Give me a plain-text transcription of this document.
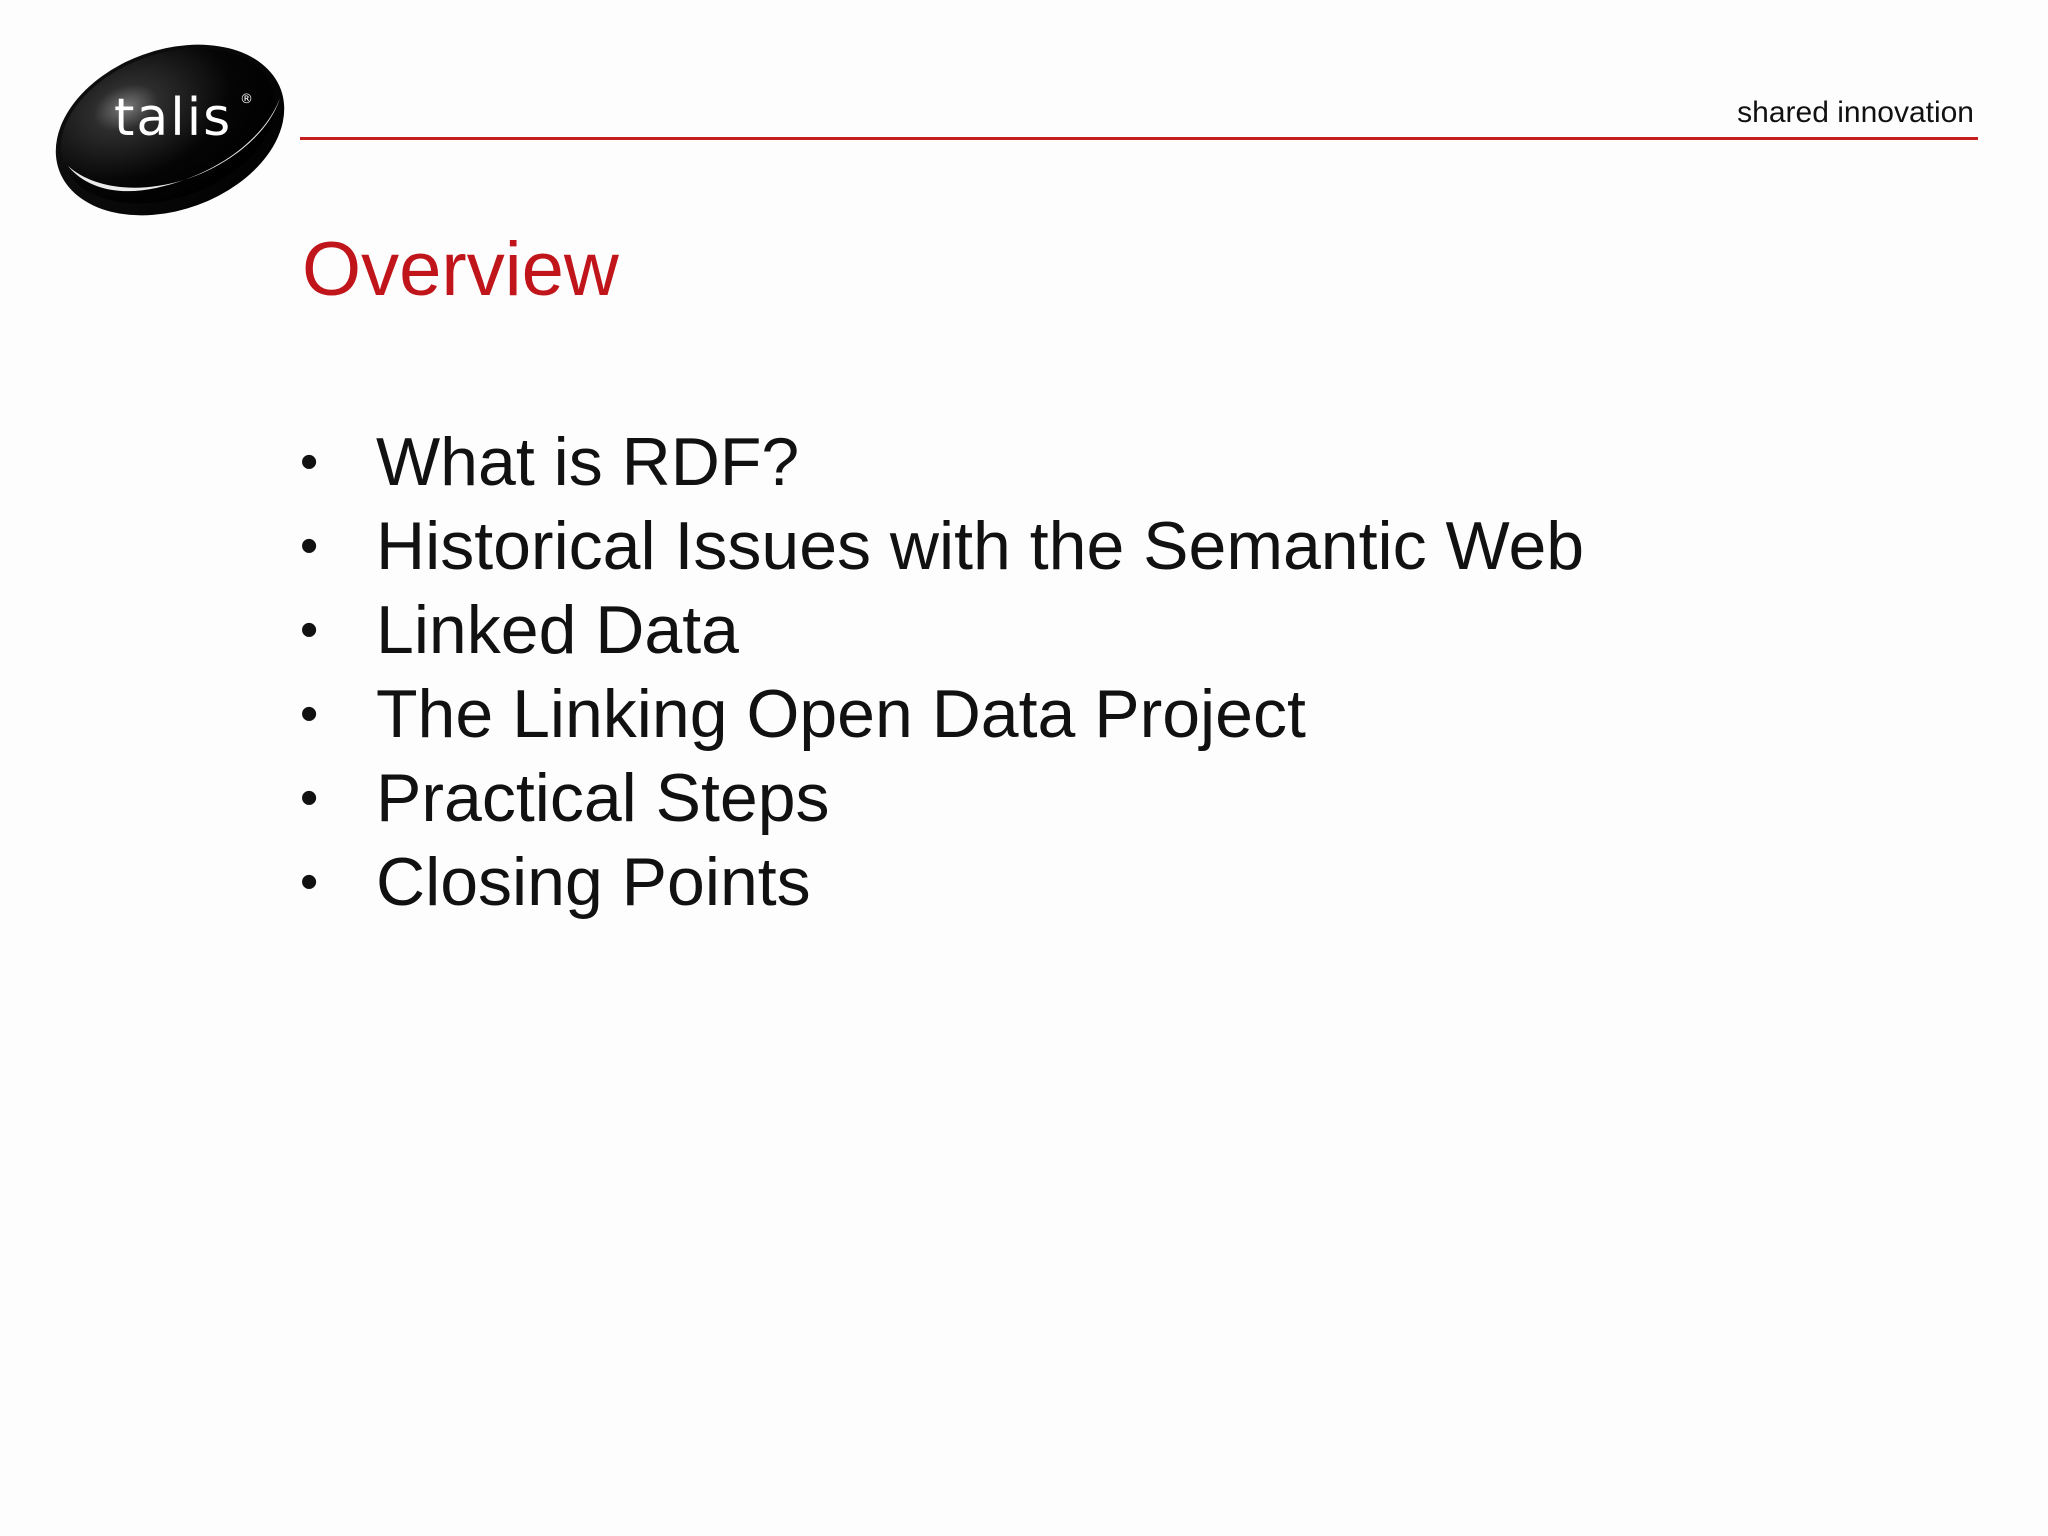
talis ®	shared innovation
Overview
• What is RDF?
• Historical Issues with the Semantic Web
• Linked Data
• The Linking Open Data Project
• Practical Steps
• Closing Points
